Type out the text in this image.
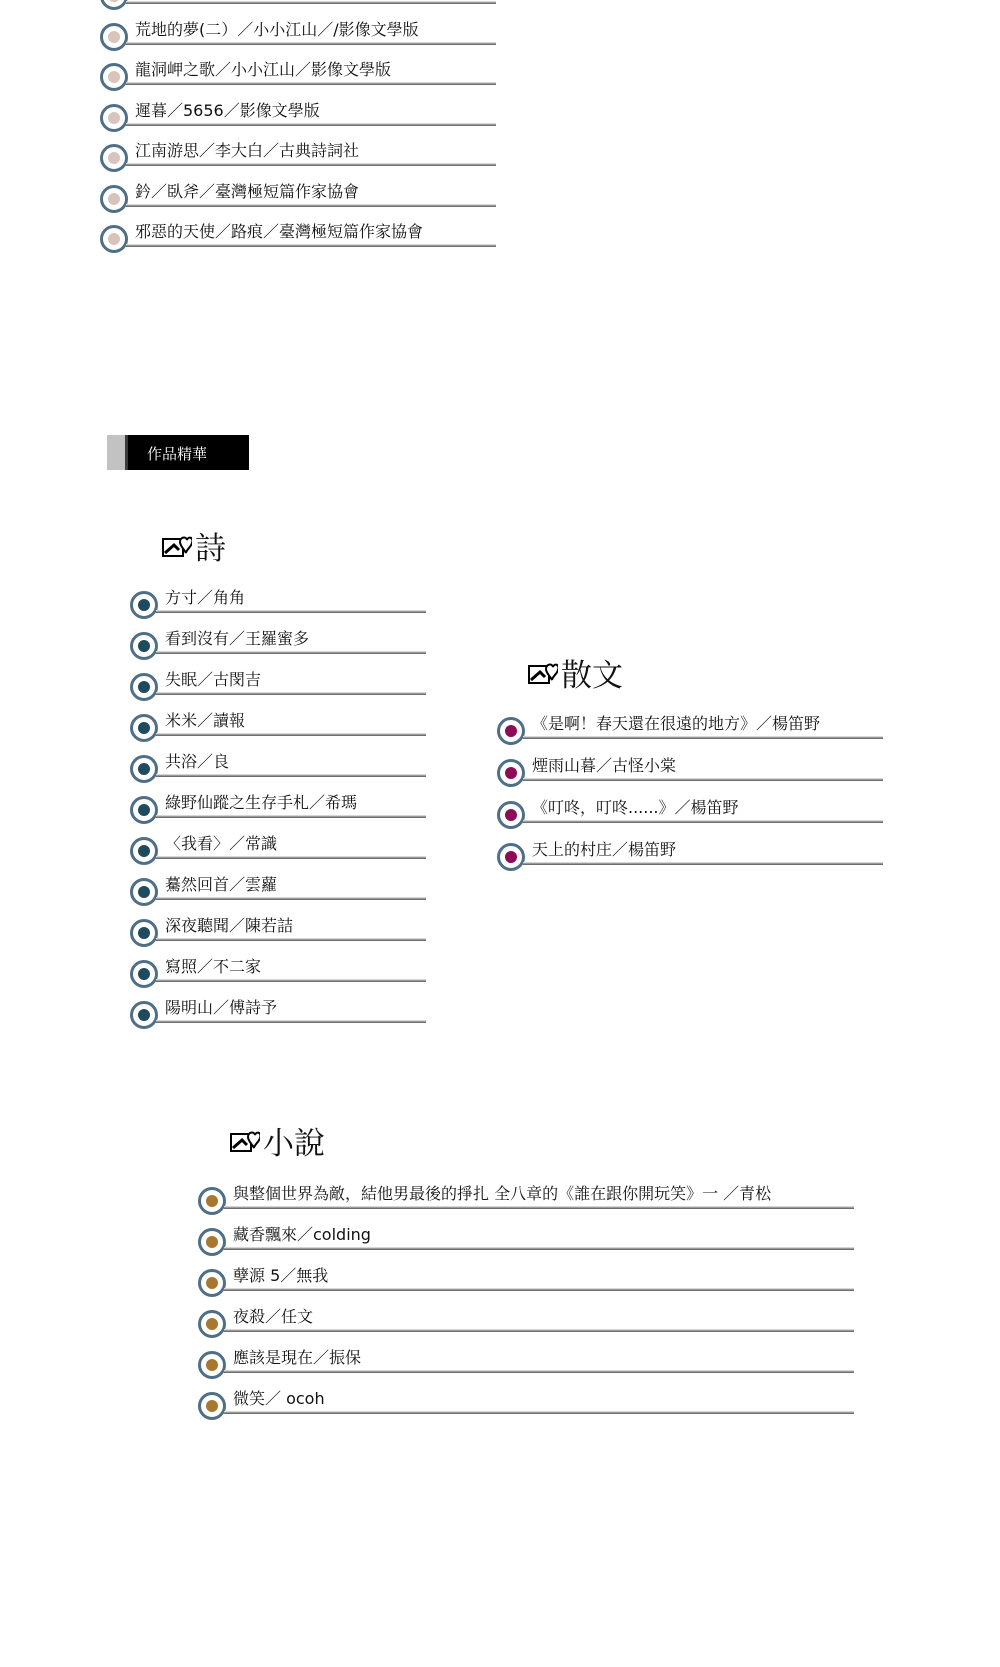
荒地的夢(二）／小小江山／/影像文學版
龍洞岬之歌／小小江山／影像文學版
遲暮／5656／影像文學版
江南游思／李大白／古典詩詞社
鈐／臥斧／臺灣極短篇作家協會
邪惡的天使／路痕／臺灣極短篇作家協會
作品精華
詩
方寸／角角
看到沒有／王羅蜜多
失眠／古閔吉
米米／讀報
共浴／良
綠野仙蹤之生存手札／希瑪
〈我看〉／常識
驀然回首／雲蘿
深夜聽聞／陳若詰
寫照／不二家
陽明山／傅詩予
散文
《是啊！春天還在很遠的地方》／楊笛野
煙雨山暮／古怪小棠
《叮咚，叮咚......》／楊笛野
天上的村庄／楊笛野
小說
與整個世界為敵，結他男最後的掙扎 全八章的《誰在跟你開玩笑》一 ／青松
藏香飄來／colding
孽源 5／無我
夜殺／任文
應該是現在／振保
微笑／ ocoh
